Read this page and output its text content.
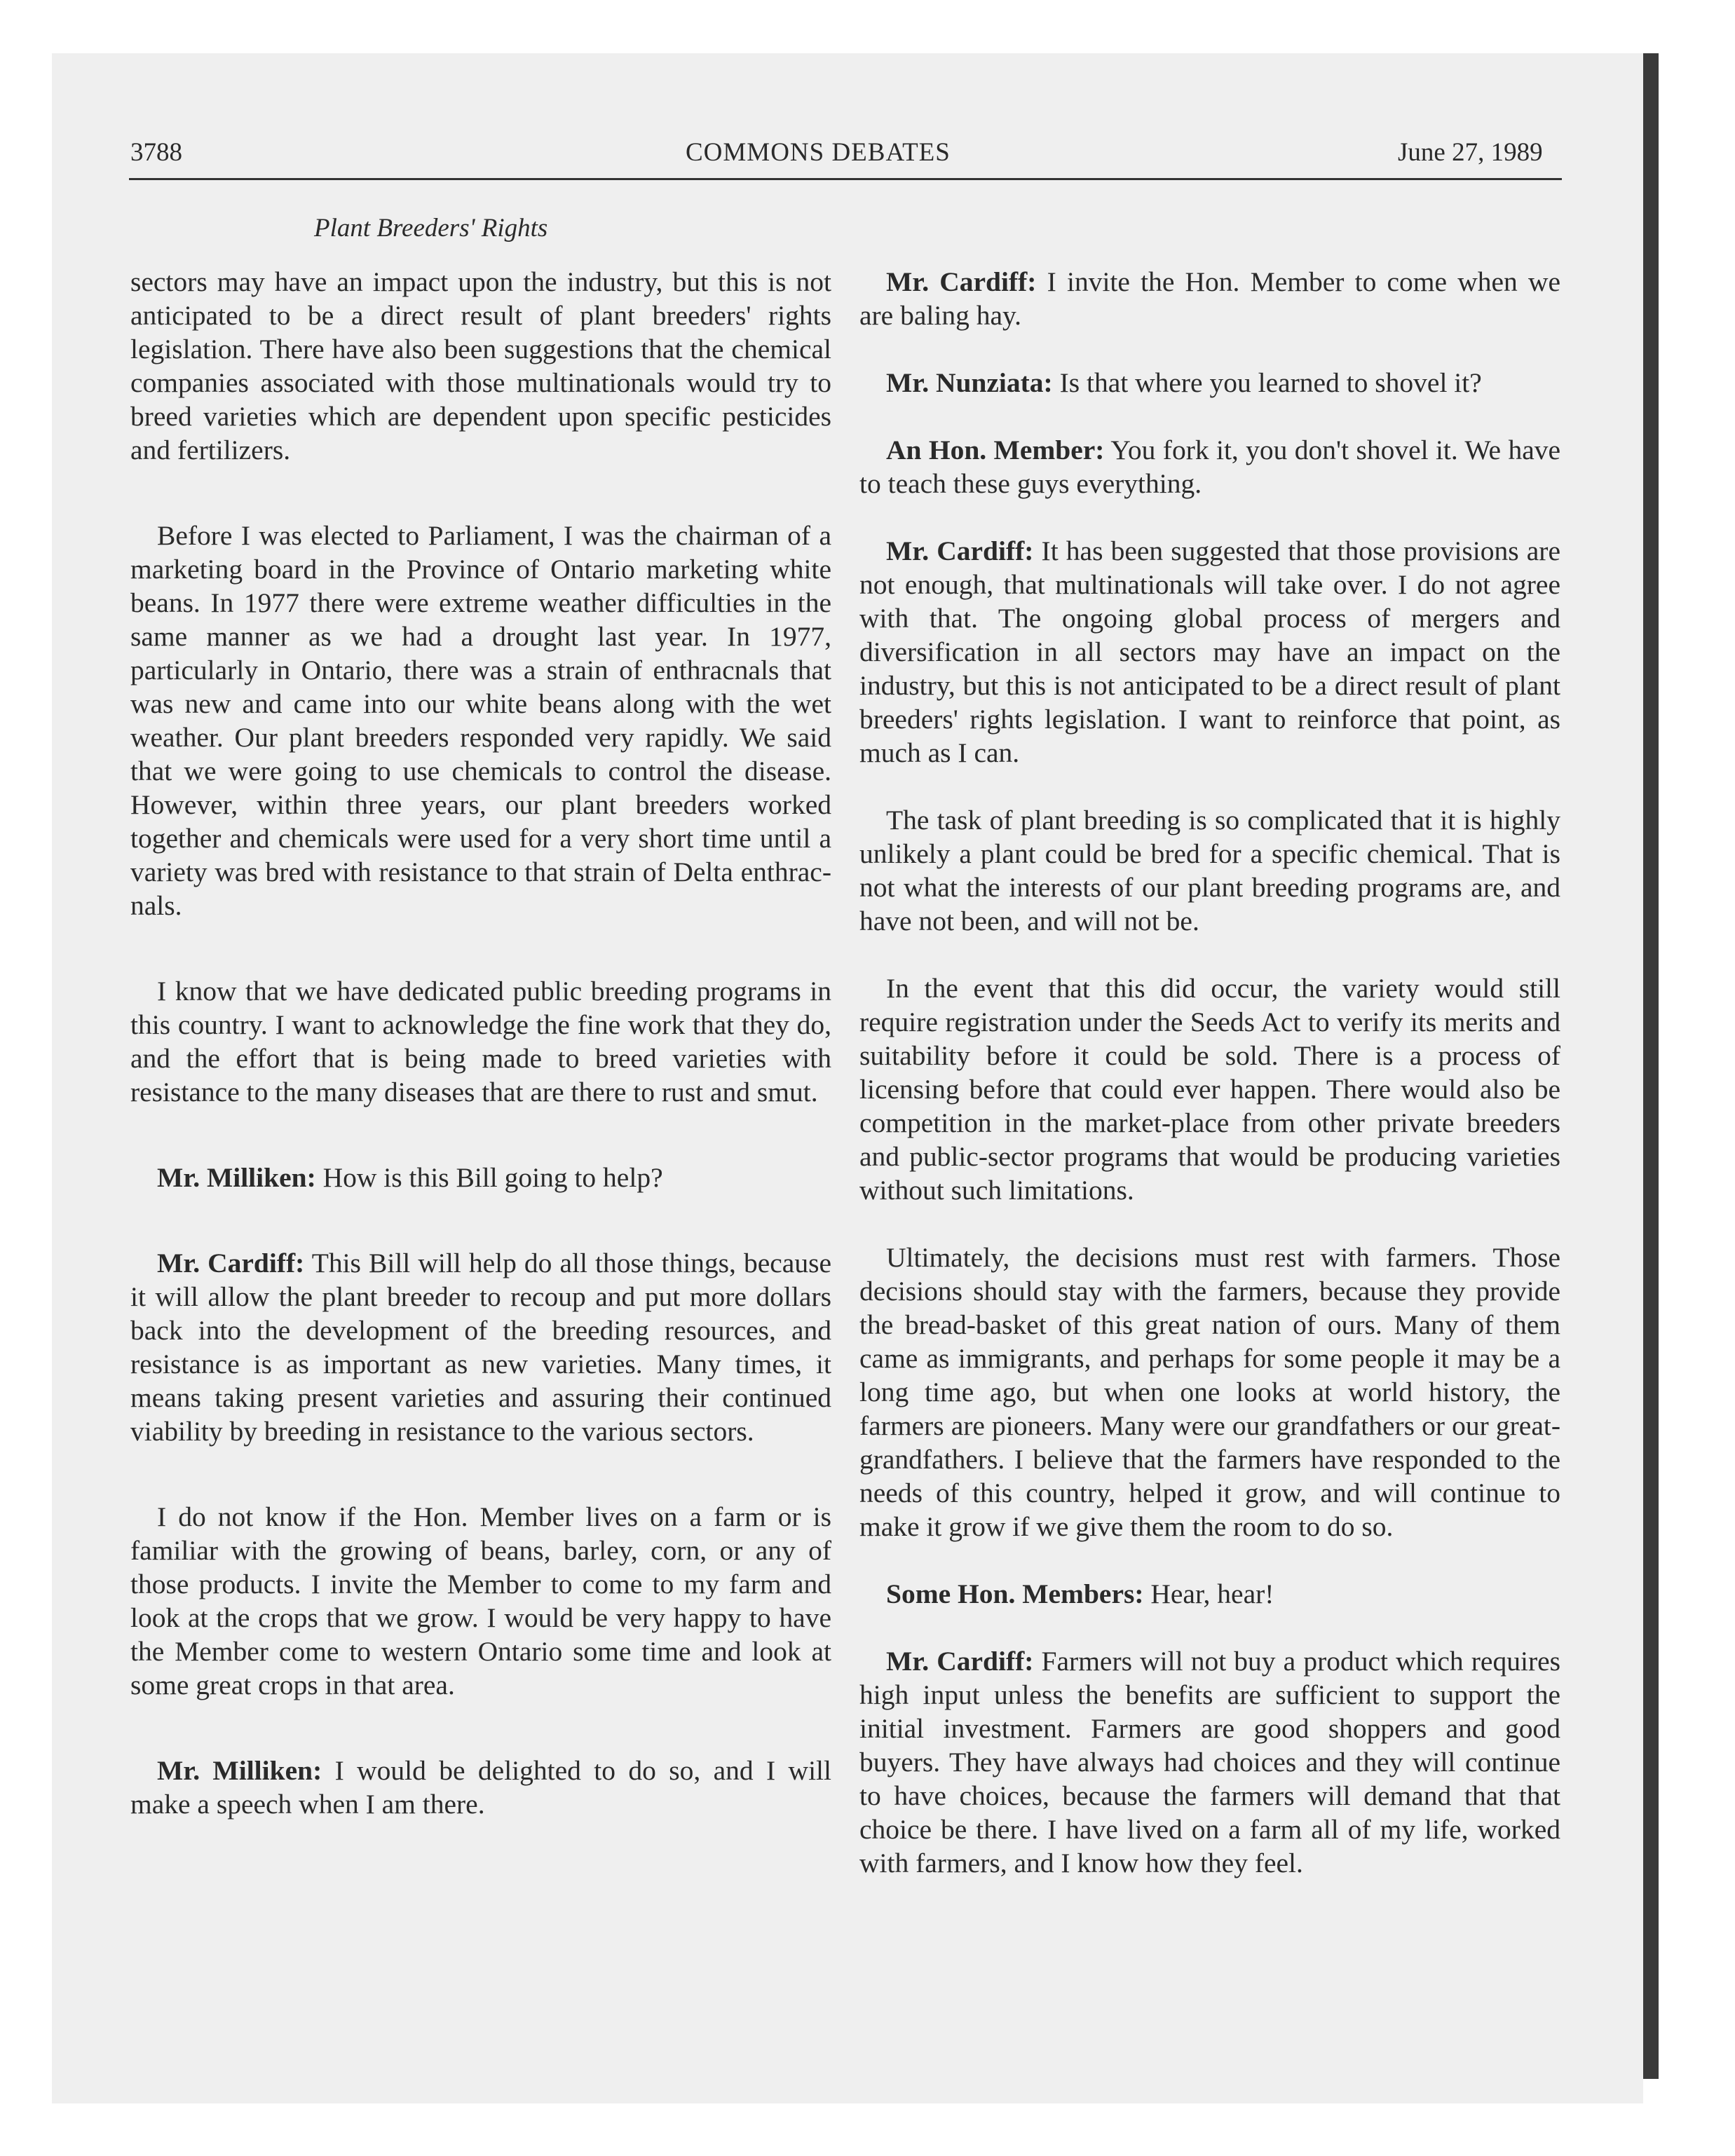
3788	COMMONS DEBATES	June 27, 1989
Plant Breeders' Rights

sectors may have an impact upon the industry, but this is not anticipated to be a direct result of plant breeders' rights legislation. There have also been suggestions that the chemical companies associated with those multinationals would try to breed varieties which are dependent upon specific pesticides and fertilizers.

Before I was elected to Parliament, I was the chairman of a marketing board in the Province of Ontario marketing white beans. In 1977 there were extreme weather difficulties in the same manner as we had a drought last year. In 1977, particularly in Ontario, there was a strain of enthracnals that was new and came into our white beans along with the wet weather. Our plant breeders responded very rapidly. We said that we were going to use chemicals to control the disease. However, within three years, our plant breeders worked together and chemicals were used for a very short time until a variety was bred with resistance to that strain of Delta enthracnals.

I know that we have dedicated public breeding programs in this country. I want to acknowledge the fine work that they do, and the effort that is being made to breed varieties with resistance to the many diseases that are there to rust and smut.

Mr. Milliken: How is this Bill going to help?

Mr. Cardiff: This Bill will help do all those things, because it will allow the plant breeder to recoup and put more dollars back into the development of the breeding resources, and resistance is as important as new varieties. Many times, it means taking present varieties and assuring their continued viability by breeding in resistance to the various sectors.

I do not know if the Hon. Member lives on a farm or is familiar with the growing of beans, barley, corn, or any of those products. I invite the Member to come to my farm and look at the crops that we grow. I would be very happy to have the Member come to western Ontario some time and look at some great crops in that area.

Mr. Milliken: I would be delighted to do so, and I will make a speech when I am there.

Mr. Cardiff: I invite the Hon. Member to come when we are baling hay.

Mr. Nunziata: Is that where you learned to shovel it?

An Hon. Member: You fork it, you don't shovel it. We have to teach these guys everything.

Mr. Cardiff: It has been suggested that those provisions are not enough, that multinationals will take over. I do not agree with that. The ongoing global process of mergers and diversification in all sectors may have an impact on the industry, but this is not anticipated to be a direct result of plant breeders' rights legislation. I want to reinforce that point, as much as I can.

The task of plant breeding is so complicated that it is highly unlikely a plant could be bred for a specific chemical. That is not what the interests of our plant breeding programs are, and have not been, and will not be.

In the event that this did occur, the variety would still require registration under the Seeds Act to verify its merits and suitability before it could be sold. There is a process of licensing before that could ever happen. There would also be competition in the market-place from other private breeders and public-sector programs that would be producing varieties without such limitations.

Ultimately, the decisions must rest with farmers. Those decisions should stay with the farmers, because they provide the bread-basket of this great nation of ours. Many of them came as immigrants, and perhaps for some people it may be a long time ago, but when one looks at world history, the farmers are pioneers. Many were our grandfathers or our great-grandfathers. I believe that the farmers have responded to the needs of this country, helped it grow, and will continue to make it grow if we give them the room to do so.

Some Hon. Members: Hear, hear!

Mr. Cardiff: Farmers will not buy a product which requires high input unless the benefits are sufficient to support the initial investment. Farmers are good shoppers and good buyers. They have always had choices and they will continue to have choices, because the farmers will demand that that choice be there. I have lived on a farm all of my life, worked with farmers, and I know how they feel.
